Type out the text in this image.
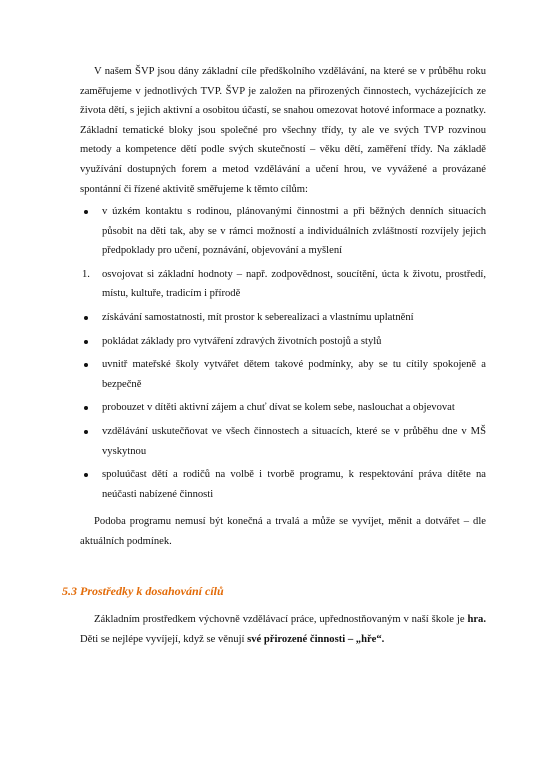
V našem ŠVP jsou dány základní cíle předškolního vzdělávání, na které se v průběhu roku zaměřujeme v jednotlivých TVP. ŠVP je založen na přirozených činnostech, vycházejících ze života dětí, s jejich aktivní a osobitou účastí, se snahou omezovat hotové informace a poznatky. Základní tematické bloky jsou společné pro všechny třídy, ty ale ve svých TVP rozvinou metody a kompetence dětí podle svých skutečností – věku dětí, zaměření třídy. Na základě využívání dostupných forem a metod vzdělávání a učení hrou, ve vyvážené a provázané spontánní či řízené aktivitě směřujeme k těmto cílům:

v úzkém kontaktu s rodinou, plánovanými činnostmi a při běžných denních situacích působit na děti tak, aby se v rámci možností a individuálních zvláštností rozvíjely jejich předpoklady pro učení, poznávání, objevování a myšlení
1.	osvojovat si základní hodnoty – např. zodpovědnost, soucítění, úcta k životu, prostředí, místu, kultuře, tradicím i přírodě
získávání samostatnosti, mít prostor k seberealizaci a vlastnímu uplatnění
pokládat základy pro vytváření zdravých životních postojů a stylů
uvnitř mateřské školy vytvářet dětem takové podmínky, aby se tu cítily spokojeně a bezpečně
probouzet v dítěti aktivní zájem a chuť dívat se kolem sebe, naslouchat a objevovat
vzdělávání uskutečňovat ve všech činnostech a situacích, které se v průběhu dne v MŠ vyskytnou
spoluúčast dětí a rodičů na volbě i tvorbě programu, k respektování práva dítěte na neúčasti nabízené činnosti

Podoba programu nemusí být konečná a trvalá a může se vyvíjet, měnit a dotvářet – dle aktuálních podmínek.

5.3 Prostředky k dosahování cílů

Základním prostředkem výchovně vzdělávací práce, upřednostňovaným v naší škole je hra. Děti se nejlépe vyvíjejí, když se věnují své přirozené činnosti – „hře“.
